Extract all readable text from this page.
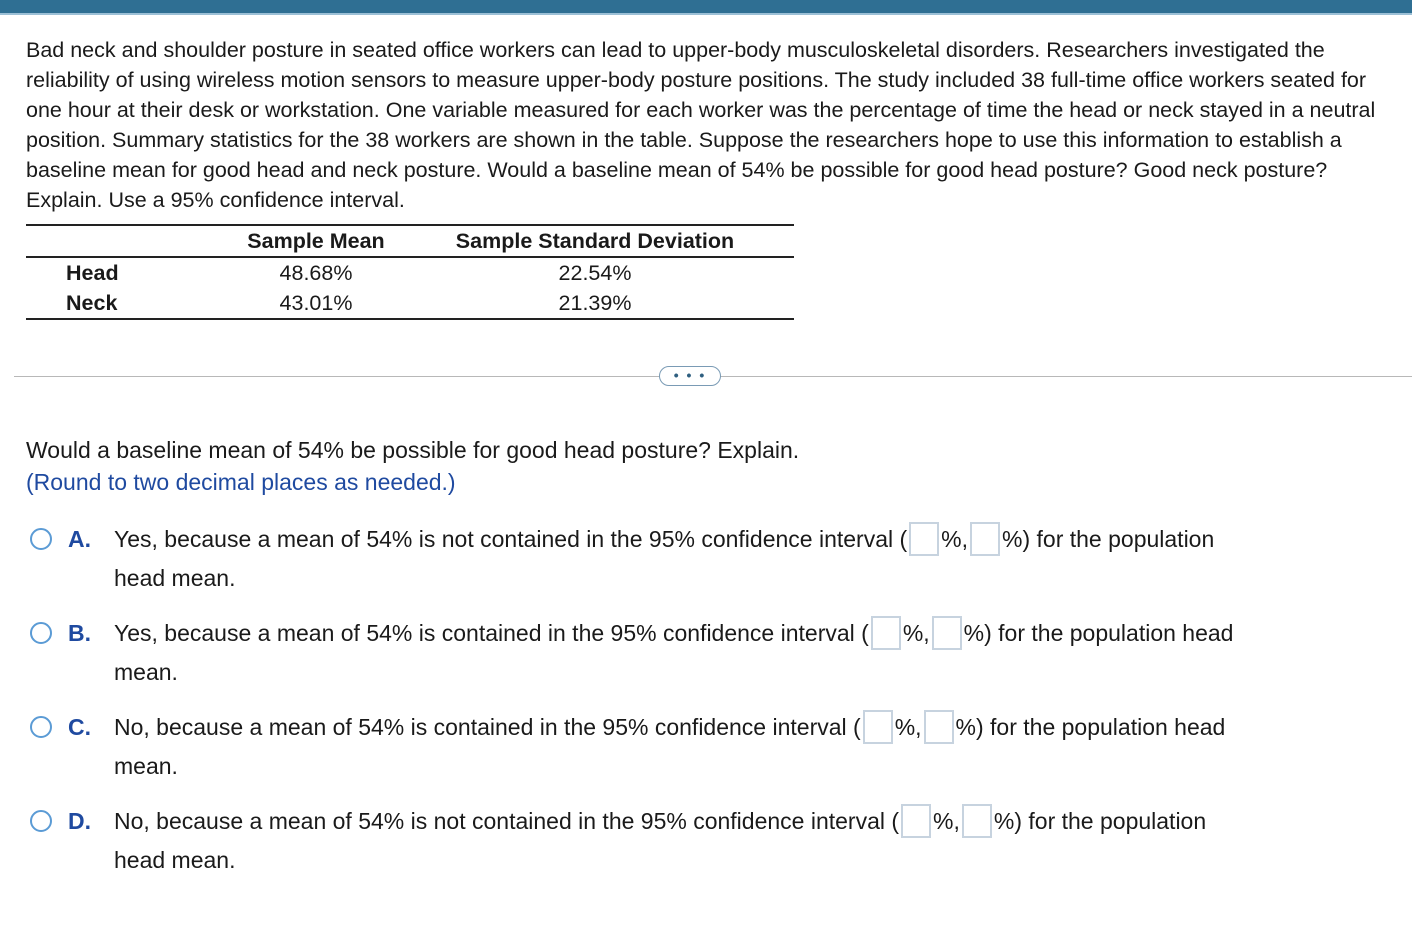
Bad neck and shoulder posture in seated office workers can lead to upper-body musculoskeletal disorders. Researchers investigated the reliability of using wireless motion sensors to measure upper-body posture positions. The study included 38 full-time office workers seated for one hour at their desk or workstation. One variable measured for each worker was the percentage of time the head or neck stayed in a neutral position. Summary statistics for the 38 workers are shown in the table. Suppose the researchers hope to use this information to establish a baseline mean for good head and neck posture. Would a baseline mean of 54% be possible for good head posture? Good neck posture? Explain. Use a 95% confidence interval.
	Sample Mean	Sample Standard Deviation
Head	48.68%	22.54%
Neck	43.01%	21.39%
• • •
Would a baseline mean of 54% be possible for good head posture? Explain.
(Round to two decimal places as needed.)
A. Yes, because a mean of 54% is not contained in the 95% confidence interval ( %, %) for the population
head mean.
B. Yes, because a mean of 54% is contained in the 95% confidence interval ( %, %) for the population head
mean.
C. No, because a mean of 54% is contained in the 95% confidence interval ( %, %) for the population head
mean.
D. No, because a mean of 54% is not contained in the 95% confidence interval ( %, %) for the population
head mean.
